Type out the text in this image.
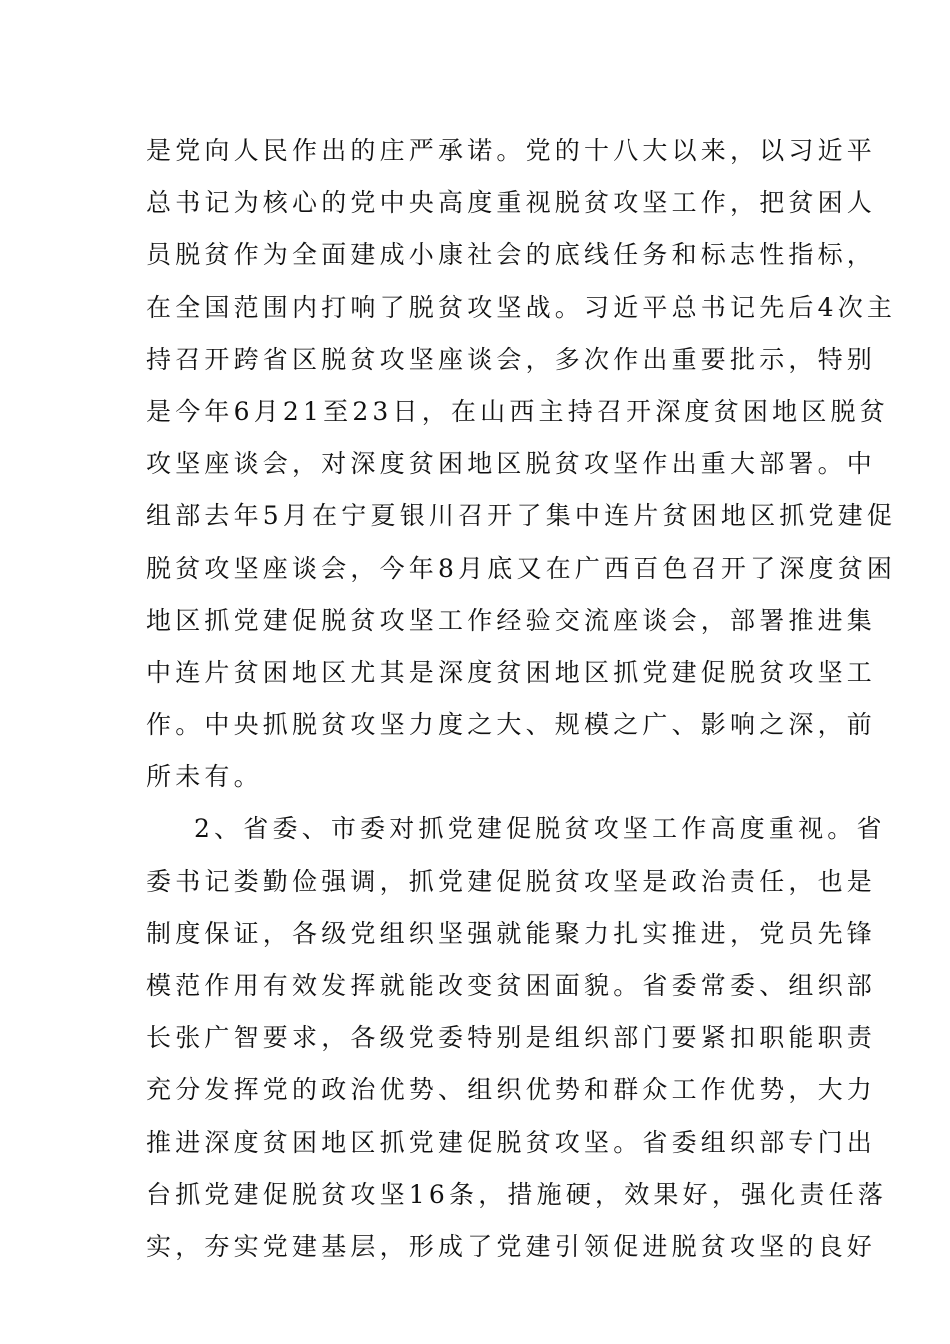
是党向人民作出的庄严承诺。党的十八大以来，以习近平
总书记为核心的党中央高度重视脱贫攻坚工作，把贫困人
员脱贫作为全面建成小康社会的底线任务和标志性指标，
在全国范围内打响了脱贫攻坚战。习近平总书记先后4次主
持召开跨省区脱贫攻坚座谈会，多次作出重要批示，特别
是今年6月21至23日，在山西主持召开深度贫困地区脱贫
攻坚座谈会，对深度贫困地区脱贫攻坚作出重大部署。中
组部去年5月在宁夏银川召开了集中连片贫困地区抓党建促
脱贫攻坚座谈会，今年8月底又在广西百色召开了深度贫困
地区抓党建促脱贫攻坚工作经验交流座谈会，部署推进集
中连片贫困地区尤其是深度贫困地区抓党建促脱贫攻坚工
作。中央抓脱贫攻坚力度之大、规模之广、影响之深，前
所未有。
2、省委、市委对抓党建促脱贫攻坚工作高度重视。省
委书记娄勤俭强调，抓党建促脱贫攻坚是政治责任，也是
制度保证，各级党组织坚强就能聚力扎实推进，党员先锋
模范作用有效发挥就能改变贫困面貌。省委常委、组织部
长张广智要求，各级党委特别是组织部门要紧扣职能职责
充分发挥党的政治优势、组织优势和群众工作优势，大力
推进深度贫困地区抓党建促脱贫攻坚。省委组织部专门出
台抓党建促脱贫攻坚16条，措施硬，效果好，强化责任落
实，夯实党建基层，形成了党建引领促进脱贫攻坚的良好
